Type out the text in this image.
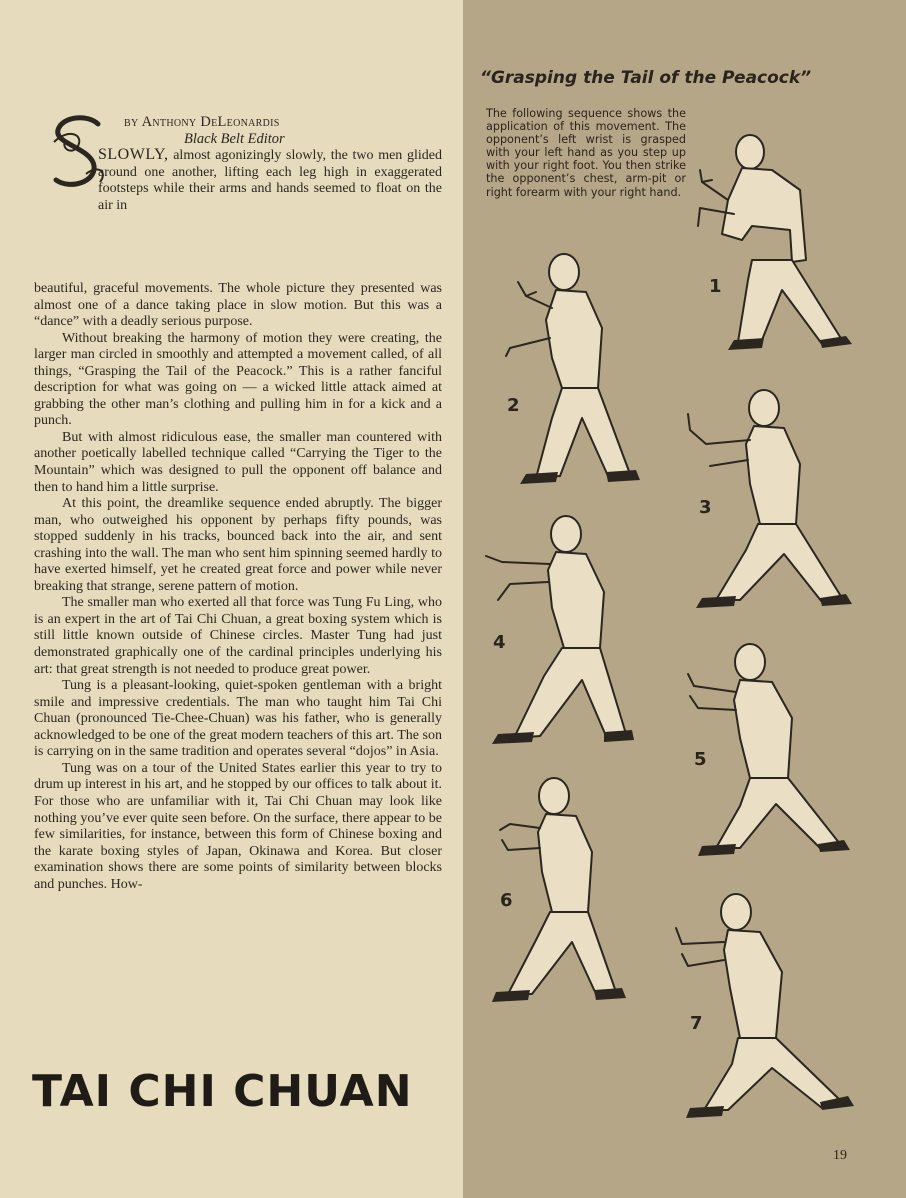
by Anthony DeLeonardis
Black Belt Editor

SLOWLY, almost agonizingly slowly, the two men glided around one another, lifting each leg high in exaggerated footsteps while their arms and hands seemed to float on the air in

beautiful, graceful movements. The whole picture they presented was almost one of a dance taking place in slow motion. But this was a “dance” with a deadly serious purpose.

Without breaking the harmony of motion they were creating, the larger man circled in smoothly and attempted a movement called, of all things, “Grasping the Tail of the Peacock.” This is a rather fanciful description for what was going on — a wicked little attack aimed at grabbing the other man’s clothing and pulling him in for a kick and a punch.

But with almost ridiculous ease, the smaller man countered with another poetically labelled technique called “Carrying the Tiger to the Mountain” which was designed to pull the opponent off balance and then to hand him a little surprise.

At this point, the dreamlike sequence ended abruptly. The bigger man, who outweighed his opponent by perhaps fifty pounds, was stopped suddenly in his tracks, bounced back into the air, and sent crashing into the wall. The man who sent him spinning seemed hardly to have exerted himself, yet he created great force and power while never breaking that strange, serene pattern of motion.

The smaller man who exerted all that force was Tung Fu Ling, who is an expert in the art of Tai Chi Chuan, a great boxing system which is still little known outside of Chinese circles. Master Tung had just demonstrated graphically one of the cardinal principles underlying his art: that great strength is not needed to produce great power.

Tung is a pleasant-looking, quiet-spoken gentleman with a bright smile and impressive credentials. The man who taught him Tai Chi Chuan (pronounced Tie-Chee-Chuan) was his father, who is generally acknowledged to be one of the great modern teachers of this art. The son is carrying on in the same tradition and operates several “dojos” in Asia.

Tung was on a tour of the United States earlier this year to try to drum up interest in his art, and he stopped by our offices to talk about it. For those who are unfamiliar with it, Tai Chi Chuan may look like nothing you’ve ever quite seen before. On the surface, there appear to be few similarities, for instance, between this form of Chinese boxing and the karate boxing styles of Japan, Okinawa and Korea. But closer examination shows there are some points of similarity between blocks and punches. How-

TAI CHI CHUAN
“Grasping the Tail of the Peacock”
The following sequence shows the application of this movement. The opponent’s left wrist is grasped with your left hand as you step up with your right foot. You then strike the opponent’s chest, arm-pit or right forearm with your right hand.
1
2
3
4
5
6
7
19
